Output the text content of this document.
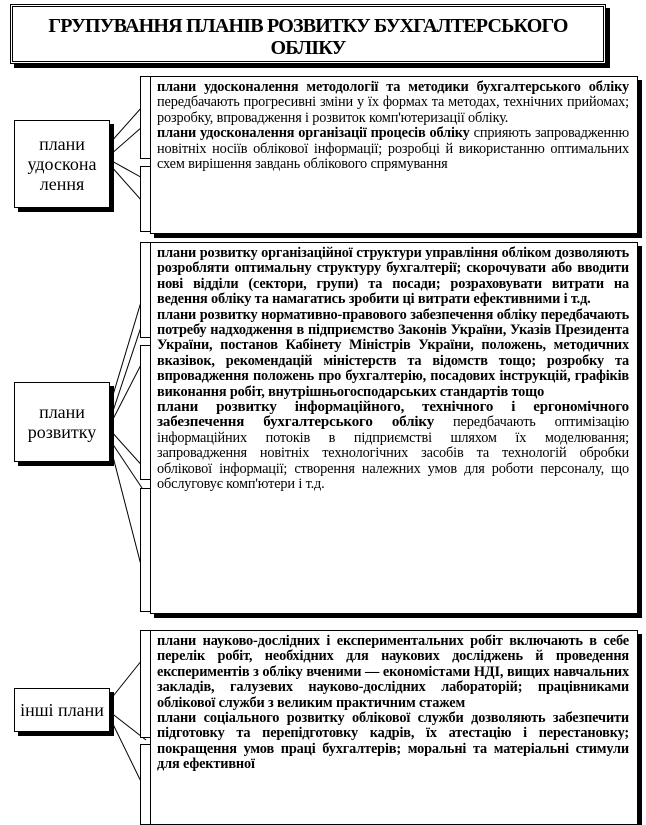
ГРУПУВАННЯ ПЛАНІВ РОЗВИТКУ БУХГАЛТЕРСЬКОГО ОБЛІКУ
плани удоскона лення

плани удосконалення методології та методики бухгалтерського обліку передбачають прогресивні зміни у їх формах та методах, технічних прийомах; розробку, впровадження і розвиток комп'ютеризації обліку.

плани удосконалення організації процесів обліку сприяють запровадженню новітніх носіїв облікової інформації; розробці й використанню оптимальних схем вирішення завдань облікового спрямування

плани розвитку

плани розвитку організаційної структури управління обліком дозволяють розробляти оптимальну структуру бухгалтерії; скорочувати або вводити нові відділи (сектори, групи) та посади; розраховувати витрати на ведення обліку та намагатись зробити ці витрати ефективними і т.д.

плани розвитку нормативно-правового забезпечення обліку передбачають потребу надходження в підприємство Законів України, Указів Президента України, постанов Кабінету Міністрів України, положень, методичних вказівок, рекомендацій міністерств та відомств тощо; розробку та впровадження положень про бухгалтерію, посадових інструкцій, графіків виконання робіт, внутрішньогосподарських стандартів тощо

плани розвитку інформаційного, технічного і ергономічного забезпечення бухгалтерського обліку передбачають оптимізацію інформаційних потоків в підприємстві шляхом їх моделювання; запровадження новітніх технологічних засобів та технологій обробки облікової інформації; створення належних умов для роботи персоналу, що обслуговує комп'ютери і т.д.

інші плани

плани науково-дослідних і експериментальних робіт включають в себе перелік робіт, необхідних для наукових досліджень й проведення експериментів з обліку вченими — економістами НДІ, вищих навчальних закладів, галузевих науково-дослідних лабораторій; працівниками облікової служби з великим практичним стажем

плани соціального розвитку облікової служби дозволяють забезпечити підготовку та перепідготовку кадрів, їх атестацію і перестановку; покращення умов праці бухгалтерів; моральні та матеріальні стимули для ефективної
